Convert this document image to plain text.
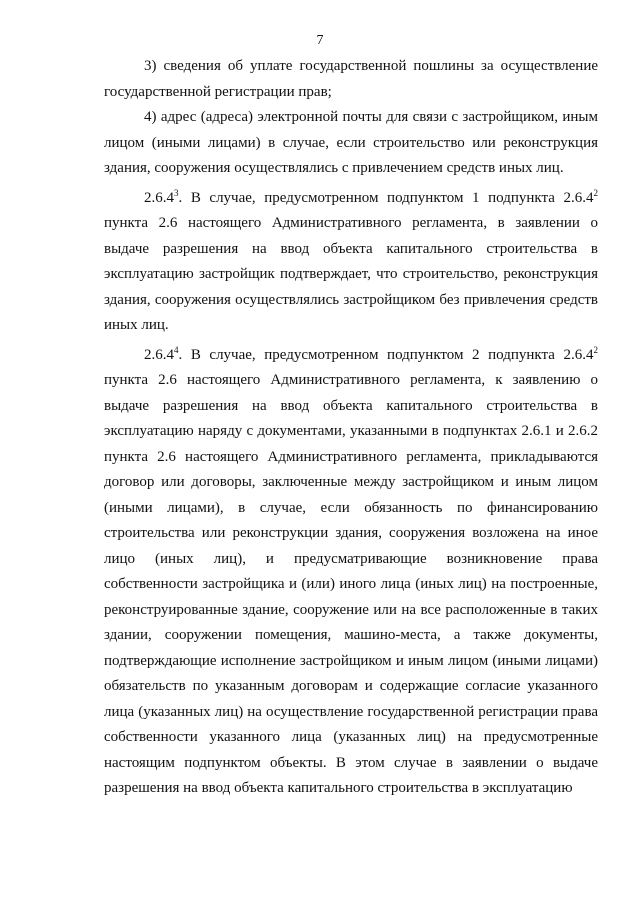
7

3) сведения об уплате государственной пошлины за осуществление государственной регистрации прав;

4) адрес (адреса) электронной почты для связи с застройщиком, иным лицом (иными лицами) в случае, если строительство или реконструкция здания, сооружения осуществлялись с привлечением средств иных лиц.

2.6.4$^3$. В случае, предусмотренном подпунктом 1 подпункта 2.6.4$^2$ пункта 2.6 настоящего Административного регламента, в заявлении о выдаче разрешения на ввод объекта капитального строительства в эксплуатацию застройщик подтверждает, что строительство, реконструкция здания, сооружения осуществлялись застройщиком без привлечения средств иных лиц.

2.6.4$^4$. В случае, предусмотренном подпунктом 2 подпункта 2.6.4$^2$ пункта 2.6 настоящего Административного регламента, к заявлению о выдаче разрешения на ввод объекта капитального строительства в эксплуатацию наряду с документами, указанными в подпунктах 2.6.1 и 2.6.2 пункта 2.6 настоящего Административного регламента, прикладываются договор или договоры, заключенные между застройщиком и иным лицом (иными лицами), в случае, если обязанность по финансированию строительства или реконструкции здания, сооружения возложена на иное лицо (иных лиц), и предусматривающие возникновение права собственности застройщика и (или) иного лица (иных лиц) на построенные, реконструированные здание, сооружение или на все расположенные в таких здании, сооружении помещения, машино-места, а также документы, подтверждающие исполнение застройщиком и иным лицом (иными лицами) обязательств по указанным договорам и содержащие согласие указанного лица (указанных лиц) на осуществление государственной регистрации права собственности указанного лица (указанных лиц) на предусмотренные настоящим подпунктом объекты. В этом случае в заявлении о выдаче разрешения на ввод объекта капитального строительства в эксплуатацию
